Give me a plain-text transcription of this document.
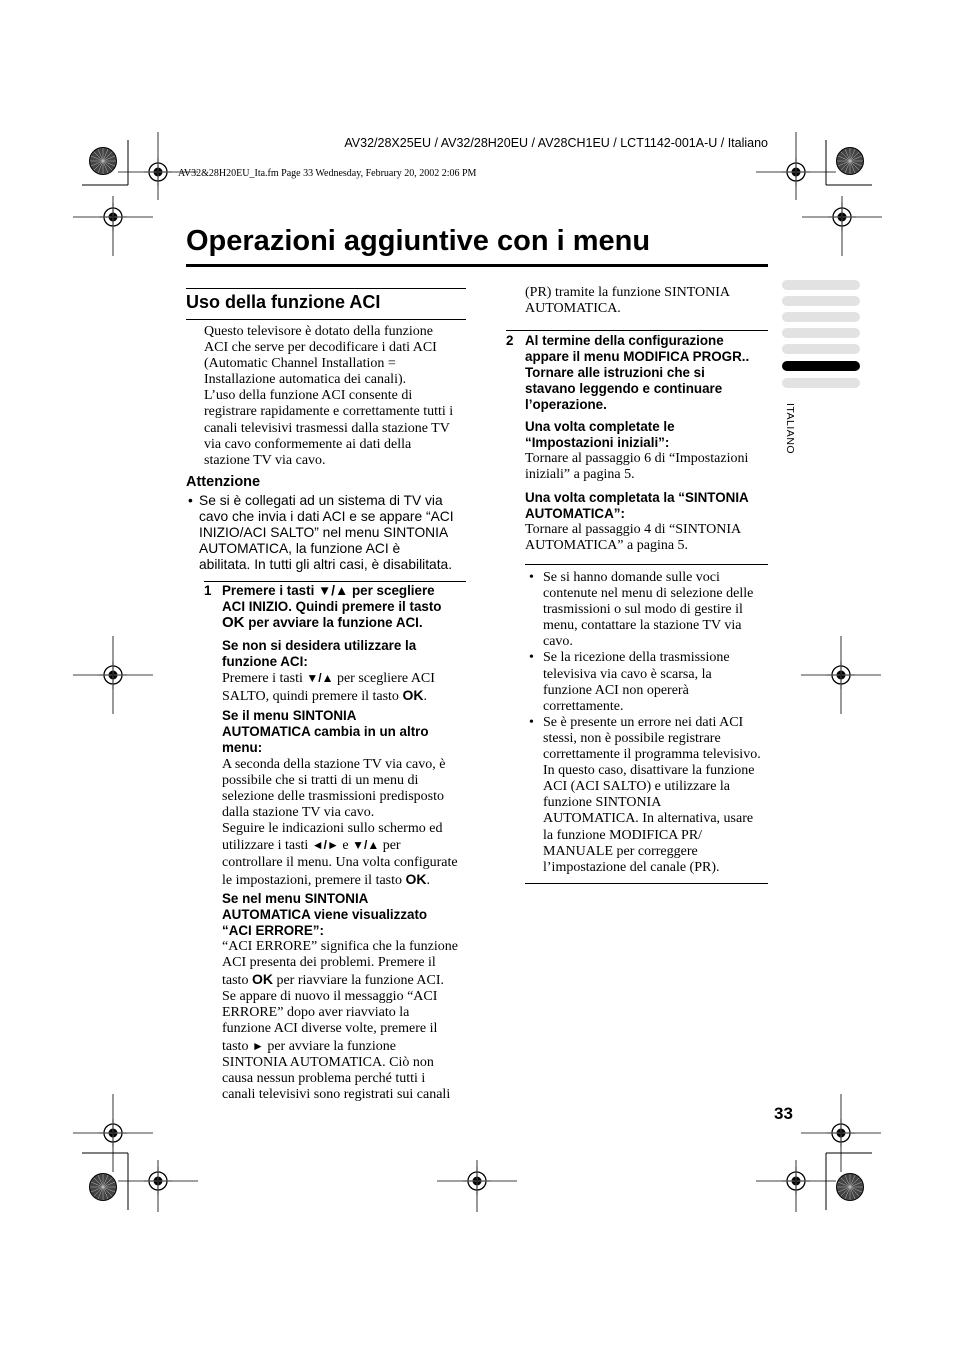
AV32/28X25EU / AV32/28H20EU / AV28CH1EU / LCT1142-001A-U / Italiano
AV32&28H20EU_Ita.fm Page 33 Wednesday, February 20, 2002 2:06 PM
Operazioni aggiuntive con i menu
ITALIANO
Uso della funzione ACI
Questo televisore è dotato della funzione
ACI che serve per decodificare i dati ACI
(Automatic Channel Installation =
Installazione automatica dei canali).
L’uso della funzione ACI consente di
registrare rapidamente e correttamente tutti i
canali televisivi trasmessi dalla stazione TV
via cavo conformemente ai dati della
stazione TV via cavo.
Attenzione
• Se si è collegati ad un sistema di TV via
cavo che invia i dati ACI e se appare “ACI
INIZIO/ACI SALTO” nel menu SINTONIA
AUTOMATICA, la funzione ACI è
abilitata. In tutti gli altri casi, è disabilitata.
1 Premere i tasti ▼/▲ per scegliere
ACI INIZIO. Quindi premere il tasto
OK per avviare la funzione ACI.
Se non si desidera utilizzare la
funzione ACI:
Premere i tasti ▼/▲ per scegliere ACI
SALTO, quindi premere il tasto OK.
Se il menu SINTONIA
AUTOMATICA cambia in un altro
menu:
A seconda della stazione TV via cavo, è
possibile che si tratti di un menu di
selezione delle trasmissioni predisposto
dalla stazione TV via cavo.
Seguire le indicazioni sullo schermo ed
utilizzare i tasti ◄/► e ▼/▲ per
controllare il menu. Una volta configurate
le impostazioni, premere il tasto OK.
Se nel menu SINTONIA
AUTOMATICA viene visualizzato
“ACI ERRORE”:
“ACI ERRORE” significa che la funzione
ACI presenta dei problemi. Premere il
tasto OK per riavviare la funzione ACI.
Se appare di nuovo il messaggio “ACI
ERRORE” dopo aver riavviato la
funzione ACI diverse volte, premere il
tasto ► per avviare la funzione
SINTONIA AUTOMATICA. Ciò non
causa nessun problema perché tutti i
canali televisivi sono registrati sui canali
(PR) tramite la funzione SINTONIA
AUTOMATICA.
2 Al termine della configurazione
appare il menu MODIFICA PROGR..
Tornare alle istruzioni che si
stavano leggendo e continuare
l’operazione.
Una volta completate le
“Impostazioni iniziali”:
Tornare al passaggio 6 di “Impostazioni
iniziali” a pagina 5.
Una volta completata la “SINTONIA
AUTOMATICA”:
Tornare al passaggio 4 di “SINTONIA
AUTOMATICA” a pagina 5.
• Se si hanno domande sulle voci
contenute nel menu di selezione delle
trasmissioni o sul modo di gestire il
menu, contattare la stazione TV via
cavo.
• Se la ricezione della trasmissione
televisiva via cavo è scarsa, la
funzione ACI non opererà
correttamente.
• Se è presente un errore nei dati ACI
stessi, non è possibile registrare
correttamente il programma televisivo.
In questo caso, disattivare la funzione
ACI (ACI SALTO) e utilizzare la
funzione SINTONIA
AUTOMATICA. In alternativa, usare
la funzione MODIFICA PR/
MANUALE per correggere
l’impostazione del canale (PR).
33
